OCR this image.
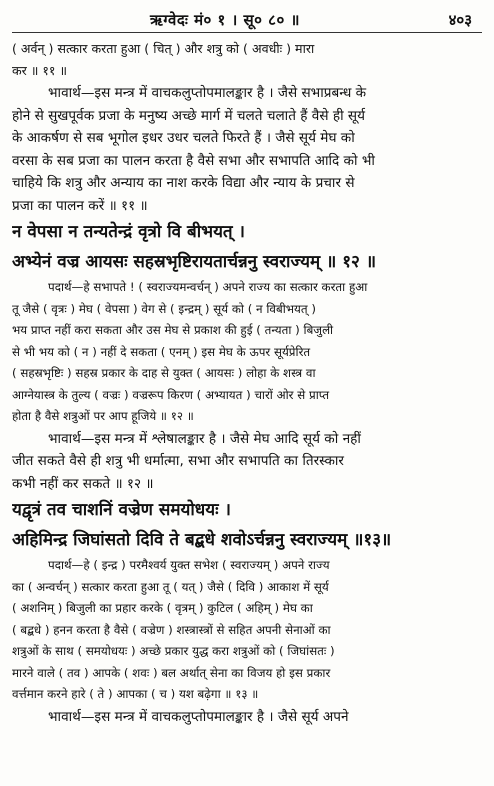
ऋग्वेदः मं० १ । सू० ८० ॥	४०३

( अर्वन् ) सत्कार करता हुआ ( चित् ) और शत्रु को ( अवधीः ) मारा
कर ॥ ११ ॥

भावार्थ—इस मन्त्र में वाचकलुप्तोपमालङ्कार है । जैसे सभाप्रबन्ध के
होने से सुखपूर्वक प्रजा के मनुष्य अच्छे मार्ग में चलते चलाते हैं वैसे ही सूर्य
के आकर्षण से सब भूगोल इधर उधर चलते फिरते हैं । जैसे सूर्य मेघ को
वरसा के सब प्रजा का पालन करता है वैसे सभा और सभापति आदि को भी
चाहिये कि शत्रु और अन्याय का नाश करके विद्या और न्याय के प्रचार से
प्रजा का पालन करें ॥ ११ ॥

न वेपसा न तन्यतेन्द्रं वृत्रो वि बीभयत् ।
अभ्येनं वज्र आयसः सहस्रभृष्टिरायतार्चन्ननु स्वराज्यम् ॥ १२ ॥

पदार्थ—हे सभापते ! ( स्वराज्यमन्वर्चन् ) अपने राज्य का सत्कार करता हुआ
तू जैसे ( वृत्रः ) मेघ ( वेपसा ) वेग से ( इन्द्रम् ) सूर्य को ( न विबीभयत् )
भय प्राप्त नहीं करा सकता और उस मेघ से प्रकाश की हुई ( तन्यता ) बिजुली
से भी भय को ( न ) नहीं दे सकता ( एनम् ) इस मेघ के ऊपर सूर्यप्रेरित
( सहस्रभृष्टिः ) सहस्र प्रकार के दाह से युक्त ( आयसः ) लोहा के शस्त्र वा
आग्नेयास्त्र के तुल्य ( वज्रः ) वज्ररूप किरण ( अभ्यायत ) चारों ओर से प्राप्त
होता है वैसे शत्रुओं पर आप हूजिये ॥ १२ ॥

भावार्थ—इस मन्त्र में श्लेषालङ्कार है । जैसे मेघ आदि सूर्य को नहीं
जीत सकते वैसे ही शत्रु भी धर्मात्मा, सभा और सभापति का तिरस्कार
कभी नहीं कर सकते ॥ १२ ॥

यद्वृत्रं तव चाशनिं वज्रेण समयोधयः ।
अहिमिन्द्र जिघांसतो दिवि ते बद्बधे शवोऽर्चन्ननु स्वराज्यम् ॥१३॥

पदार्थ—हे ( इन्द्र ) परमैश्वर्य युक्त सभेश ( स्वराज्यम् ) अपने राज्य
का ( अन्वर्चन् ) सत्कार करता हुआ तू ( यत् ) जैसे ( दिवि ) आकाश में सूर्य
( अशनिम् ) बिजुली का प्रहार करके ( वृत्रम् ) कुटिल ( अहिम् ) मेघ का
( बद्बधे ) हनन करता है वैसे ( वज्रेण ) शस्त्रास्त्रों से सहित अपनी सेनाओं का
शत्रुओं के साथ ( समयोधयः ) अच्छे प्रकार युद्ध करा शत्रुओं को ( जिघांसतः )
मारने वाले ( तव ) आपके ( शवः ) बल अर्थात् सेना का विजय हो इस प्रकार
वर्त्तमान करने हारे ( ते ) आपका ( च ) यश बढ़ेगा ॥ १३ ॥

भावार्थ—इस मन्त्र में वाचकलुप्तोपमालङ्कार है । जैसे सूर्य अपने
